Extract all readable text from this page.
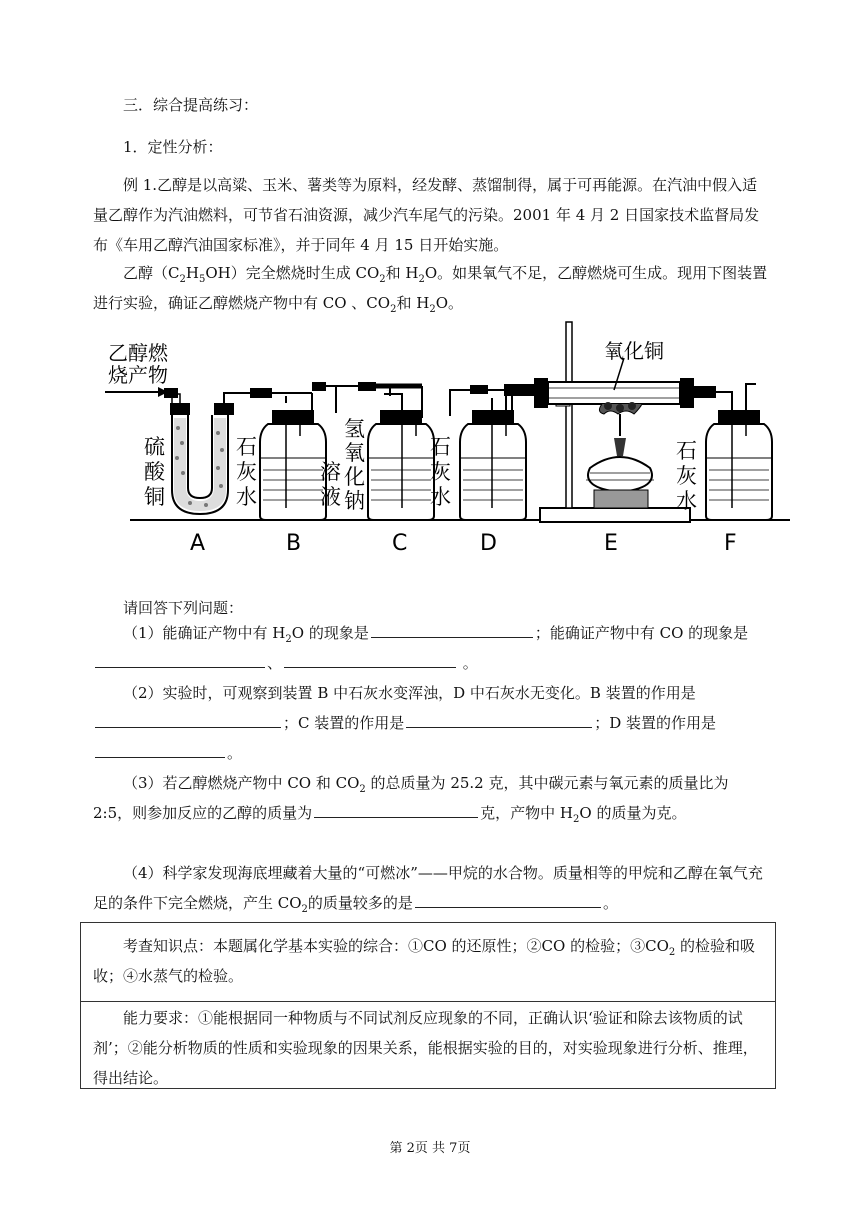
三．综合提高练习：

1．定性分析：

例 1.乙醇是以高粱、玉米、薯类等为原料，经发酵、蒸馏制得，属于可再能源。在汽油中假入适量乙醇作为汽油燃料，可节省石油资源，减少汽车尾气的污染。2001 年 4 月 2 日国家技术监督局发布《车用乙醇汽油国家标准》，并于同年 4 月 15 日开始实施。

乙醇$(C_2H_5OH)$完全燃烧时生成 $CO_2$和 $H_2O$。如果氧气不足，乙醇燃烧可生成。现用下图装置进行实验，确证乙醇燃烧产物中有 CO 、$CO_2$和 $H_2O$。

乙醇燃
烧产物
硫
酸
铜
石
灰
水
溶
液
氢
氧
化
钠
石
灰
水
氧化铜
石
灰
水
A	B	C	D	E	F

请回答下列问题：

（1）能确证产物中有 $H_2O$ 的现象是	；能确证产物中有 CO 的现象是、	。

（2）实验时，可观察到装置 B 中石灰水变浑浊，D 中石灰水无变化。B 装置的作用是；C 装置的作用是	；D 装置的作用是。

（3）若乙醇燃烧产物中 CO 和 $CO_2$ 的总质量为 25.2 克，其中碳元素与氧元素的质量比为 2:5，则参加反应的乙醇的质量为	克，产物中 $H_2O$ 的质量为克。

（4）科学家发现海底埋藏着大量的“可燃冰”——甲烷的水合物。质量相等的甲烷和乙醇在氧气充足的条件下完全燃烧，产生 $CO_2$的质量较多的是	。

考查知识点：本题属化学基本实验的综合：①CO 的还原性；②CO 的检验；$③CO_2$ 的检验和吸收；④水蒸气的检验。

能力要求：①能根据同一种物质与不同试剂反应现象的不同，正确认识‘验证和除去该物质的试剂’；②能分析物质的性质和实验现象的因果关系，能根据实验的目的，对实验现象进行分析、推理，得出结论。

第 2页 共 7页
